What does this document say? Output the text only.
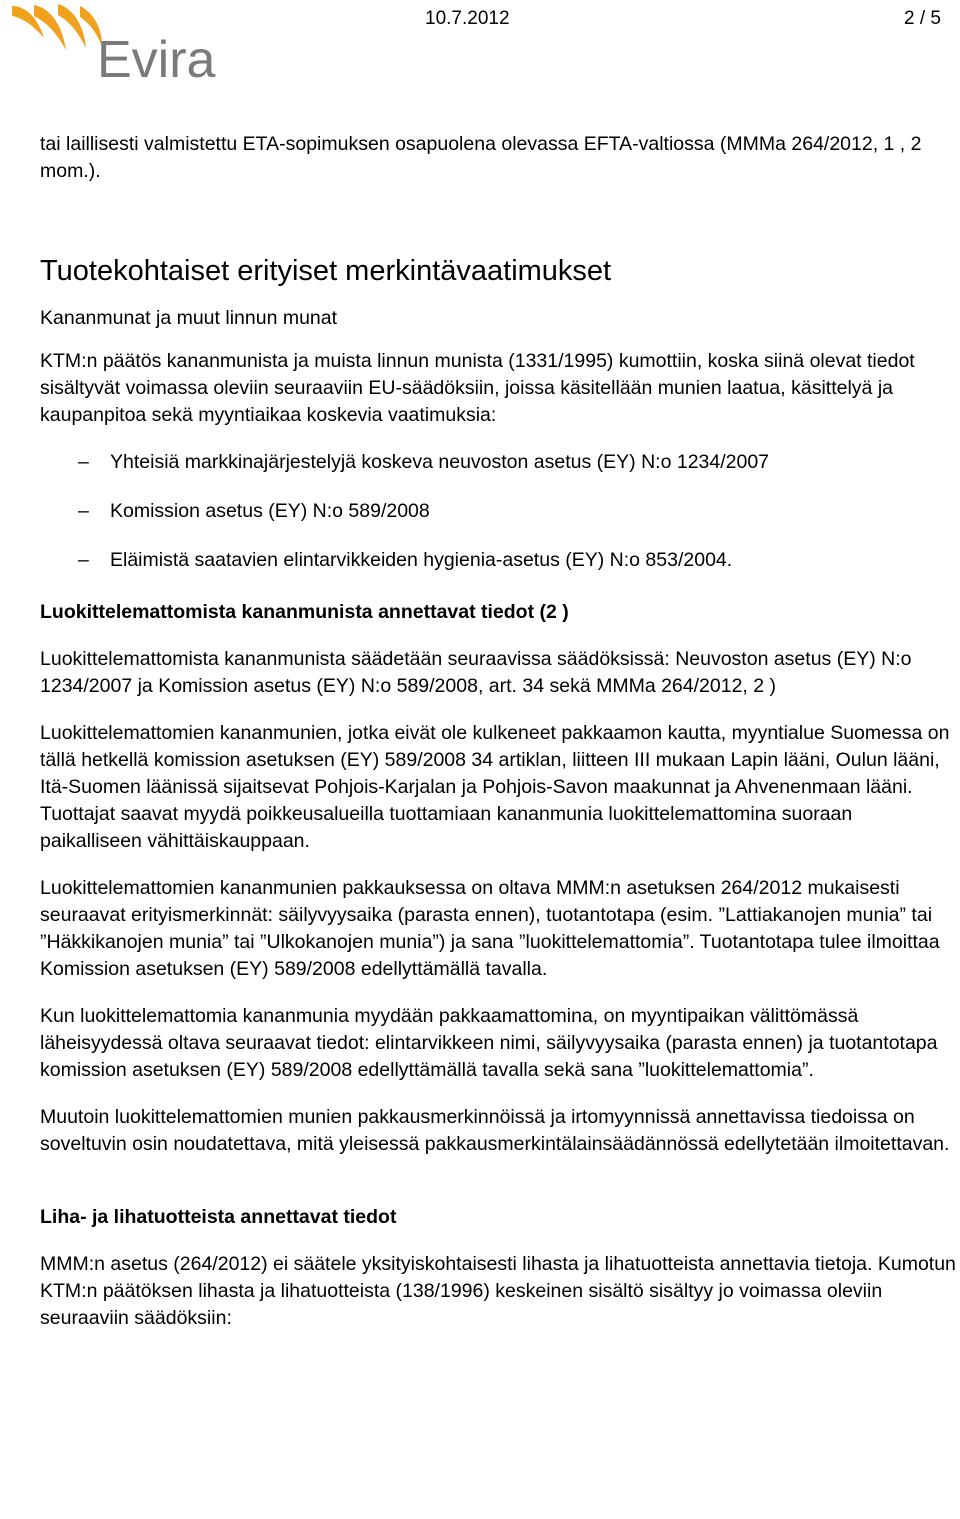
Evira
10.7.2012	2 / 5

tai laillisesti valmistettu ETA-sopimuksen osapuolena olevassa EFTA-valtiossa (MMMa 264/2012, 1 , 2 mom.).

Tuotekohtaiset erityiset merkintävaatimukset
Kananmunat ja muut linnun munat

KTM:n päätös kananmunista ja muista linnun munista (1331/1995) kumottiin, koska siinä olevat tiedot sisältyvät voimassa oleviin seuraaviin EU-säädöksiin, joissa käsitellään munien laatua, käsittelyä ja kaupanpitoa sekä myyntiaikaa koskevia vaatimuksia:

– Yhteisiä markkinajärjestelyjä koskeva neuvoston asetus (EY) N:o 1234/2007
– Komission asetus (EY) N:o 589/2008
– Eläimistä saatavien elintarvikkeiden hygienia-asetus (EY) N:o 853/2004.
Luokittelemattomista kananmunista annettavat tiedot (2 )

Luokittelemattomista kananmunista säädetään seuraavissa säädöksissä: Neuvoston asetus (EY) N:o 1234/2007 ja Komission asetus (EY) N:o 589/2008, art. 34 sekä MMMa 264/2012, 2 )

Luokittelemattomien kananmunien, jotka eivät ole kulkeneet pakkaamon kautta, myyntialue Suomessa on tällä hetkellä komission asetuksen (EY) 589/2008 34 artiklan, liitteen III mukaan Lapin lääni, Oulun lääni, Itä-Suomen läänissä sijaitsevat Pohjois-Karjalan ja Pohjois-Savon maakunnat ja Ahvenenmaan lääni. Tuottajat saavat myydä poikkeusalueilla tuottamiaan kananmunia luokittelemattomina suoraan paikalliseen vähittäiskauppaan.

Luokittelemattomien kananmunien pakkauksessa on oltava MMM:n asetuksen 264/2012 mukaisesti seuraavat erityismerkinnät: säilyvyysaika (parasta ennen), tuotantotapa (esim. ”Lattiakanojen munia” tai ”Häkkikanojen munia” tai ”Ulkokanojen munia”) ja sana ”luokittelemattomia”. Tuotantotapa tulee ilmoittaa Komission asetuksen (EY) 589/2008 edellyttämällä tavalla.

Kun luokittelemattomia kananmunia myydään pakkaamattomina, on myyntipaikan välittömässä läheisyydessä oltava seuraavat tiedot: elintarvikkeen nimi, säilyvyysaika (parasta ennen) ja tuotantotapa komission asetuksen (EY) 589/2008 edellyttämällä tavalla sekä sana ”luokittelemattomia”.

Muutoin luokittelemattomien munien pakkausmerkinnöissä ja irtomyynnissä annettavissa tiedoissa on soveltuvin osin noudatettava, mitä yleisessä pakkausmerkintälainsäädännössä edellytetään ilmoitettavan.

Liha- ja lihatuotteista annettavat tiedot

MMM:n asetus (264/2012) ei säätele yksityiskohtaisesti lihasta ja lihatuotteista annettavia tietoja. Kumotun KTM:n päätöksen lihasta ja lihatuotteista (138/1996) keskeinen sisältö sisältyy jo voimassa oleviin seuraaviin säädöksiin:
